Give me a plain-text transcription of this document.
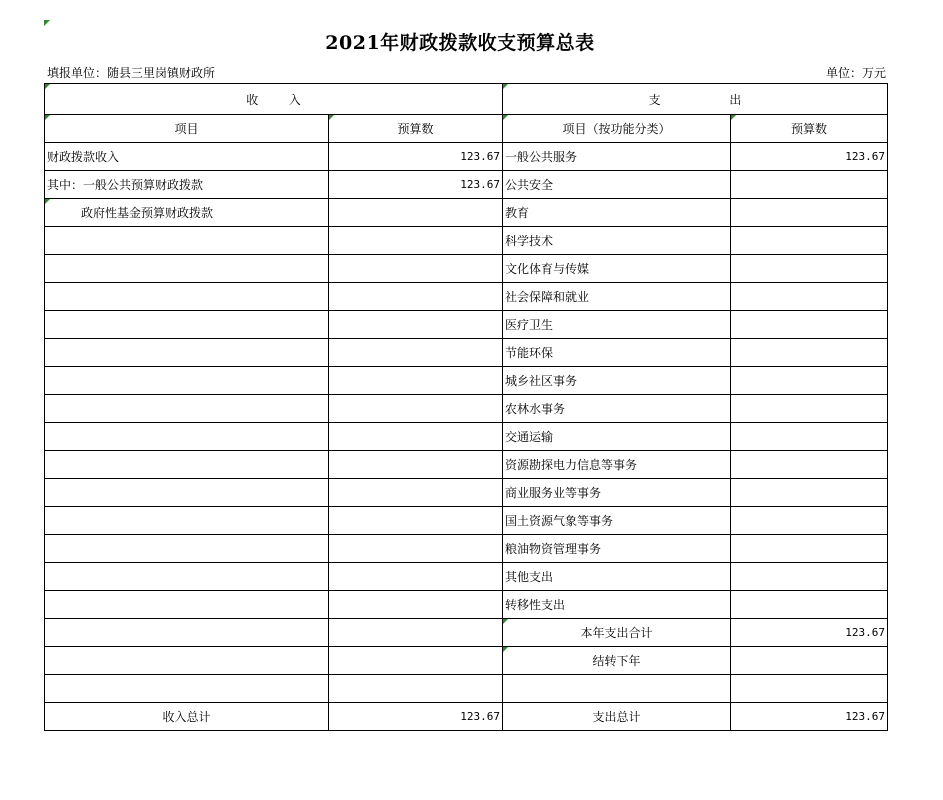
2021年财政拨款收支预算总表
填报单位：随县三里岗镇财政所	单位：万元
收        入		支                  出	

项目	预算数	项目（按功能分类）	预算数
财政拨款收入	123.67	一般公共服务	123.67
其中：一般公共预算财政拨款	123.67	公共安全	
政府性基金预算财政拨款		教育	
		科学技术	
		文化体育与传媒	
		社会保障和就业	
		医疗卫生	
		节能环保	
		城乡社区事务	
		农林水事务	
		交通运输	
		资源勘探电力信息等事务	
		商业服务业等事务	
		国土资源气象等事务	
		粮油物资管理事务	
		其他支出	
		转移性支出	
		本年支出合计	123.67
		结转下年

收入总计	123.67	支出总计	123.67
